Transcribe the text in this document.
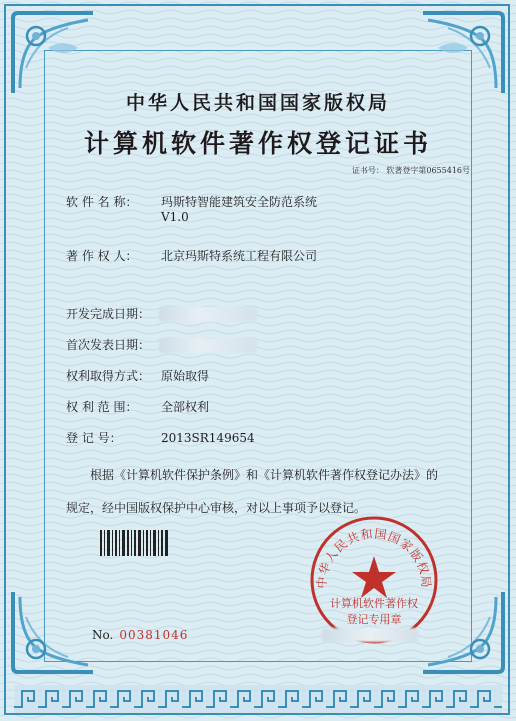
中华人民共和国国家版权局
计算机软件著作权登记证书
证书号： 软著登字第0655416号
软 件 名 称： 玛斯特智能建筑安全防范系统
V1.0
著 作 权 人： 北京玛斯特系统工程有限公司
开发完成日期：
首次发表日期：
权利取得方式： 原始取得
权 利 范 围： 全部权利
登 记 号：	2013SR149654
根据《计算机软件保护条例》和《计算机软件著作权登记办法》的
规定，经中国版权保护中心审核，对以上事项予以登记。
中华人民共和国国家版权局
计算机软件著作权
登记专用章
No. 00381046
